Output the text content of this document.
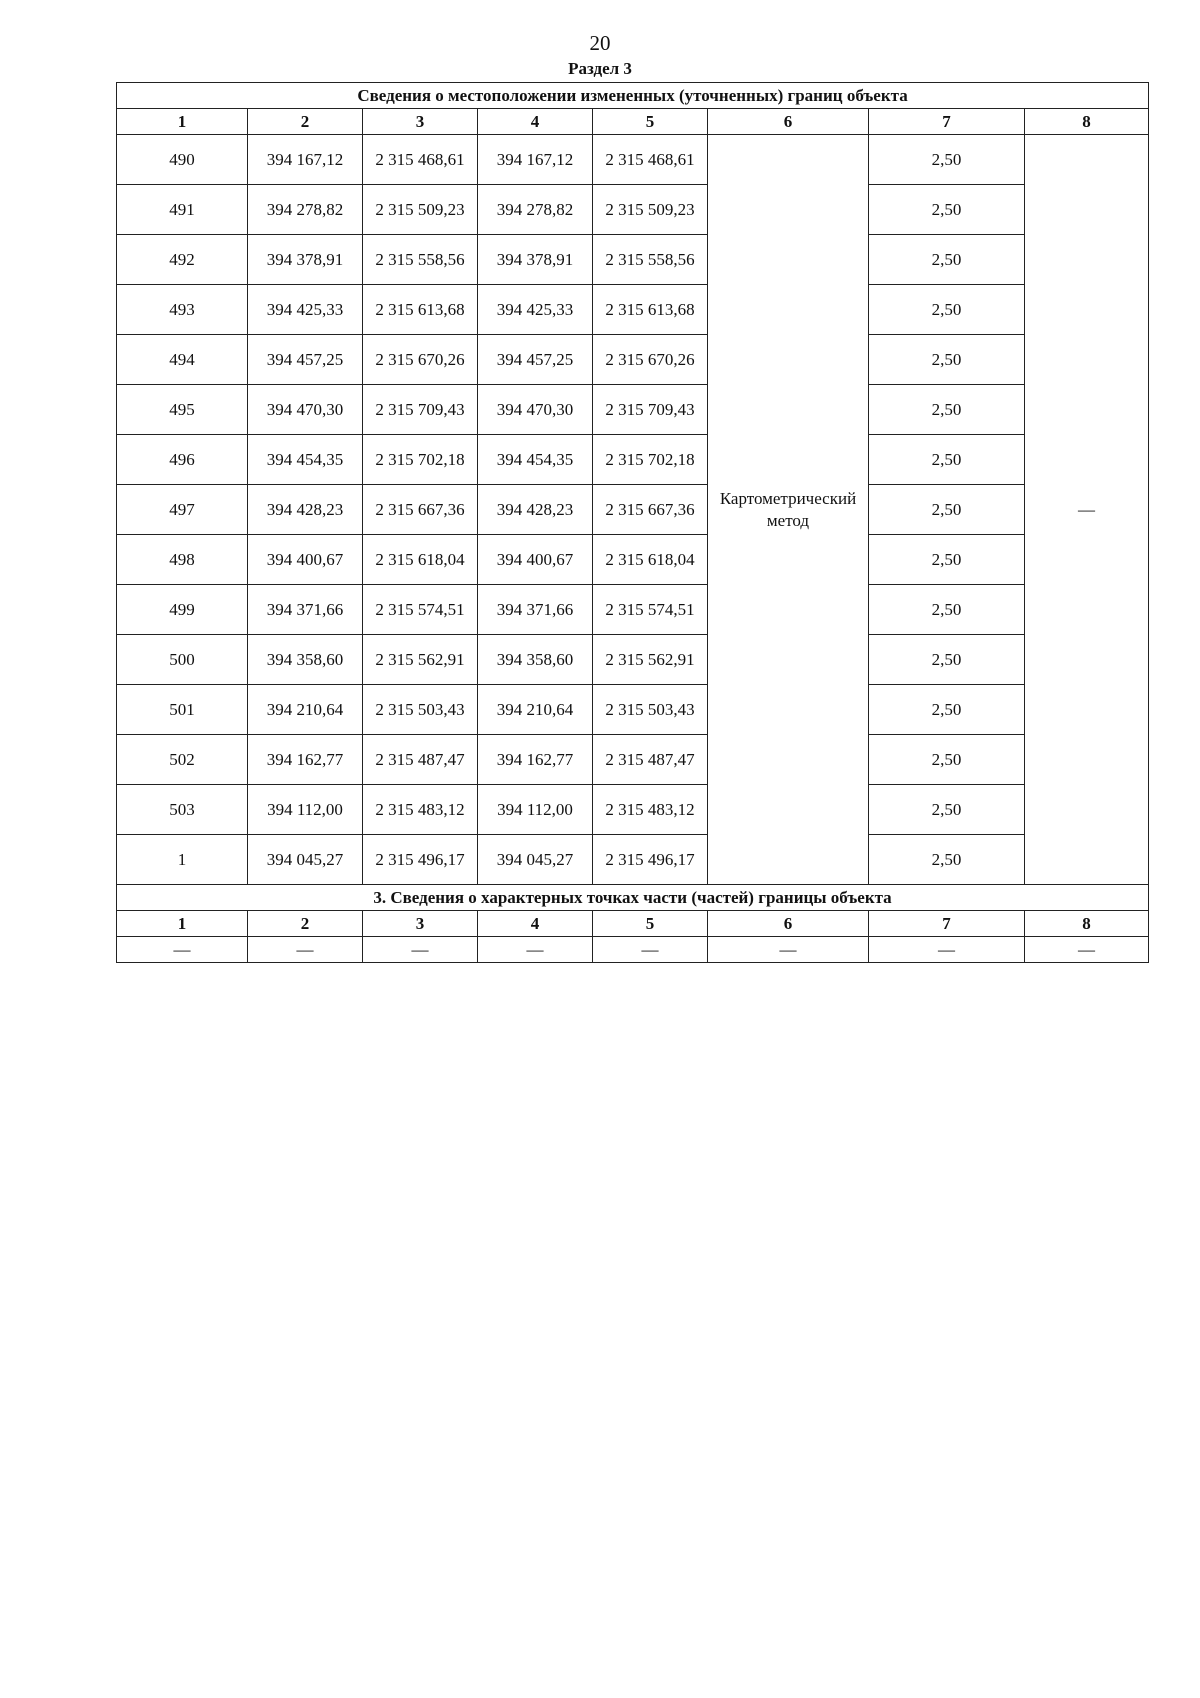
20
Раздел 3
Сведения о местоположении измененных (уточненных) границ объекта							
1	2	3	4	5	6	7	8
490	394 167,12	2 315 468,61	394 167,12	2 315 468,61	Картометрический метод	2,50	—
491	394 278,82	2 315 509,23	394 278,82	2 315 509,23		2,50	
492	394 378,91	2 315 558,56	394 378,91	2 315 558,56		2,50	
493	394 425,33	2 315 613,68	394 425,33	2 315 613,68		2,50	
494	394 457,25	2 315 670,26	394 457,25	2 315 670,26		2,50	
495	394 470,30	2 315 709,43	394 470,30	2 315 709,43		2,50	
496	394 454,35	2 315 702,18	394 454,35	2 315 702,18		2,50	
497	394 428,23	2 315 667,36	394 428,23	2 315 667,36		2,50	
498	394 400,67	2 315 618,04	394 400,67	2 315 618,04		2,50	
499	394 371,66	2 315 574,51	394 371,66	2 315 574,51		2,50	
500	394 358,60	2 315 562,91	394 358,60	2 315 562,91		2,50	
501	394 210,64	2 315 503,43	394 210,64	2 315 503,43		2,50	
502	394 162,77	2 315 487,47	394 162,77	2 315 487,47		2,50	
503	394 112,00	2 315 483,12	394 112,00	2 315 483,12		2,50	
1	394 045,27	2 315 496,17	394 045,27	2 315 496,17		2,50	
3. Сведения о характерных точках части (частей) границы объекта							
1	2	3	4	5	6	7	8
—	—	—	—	—	—	—	—
